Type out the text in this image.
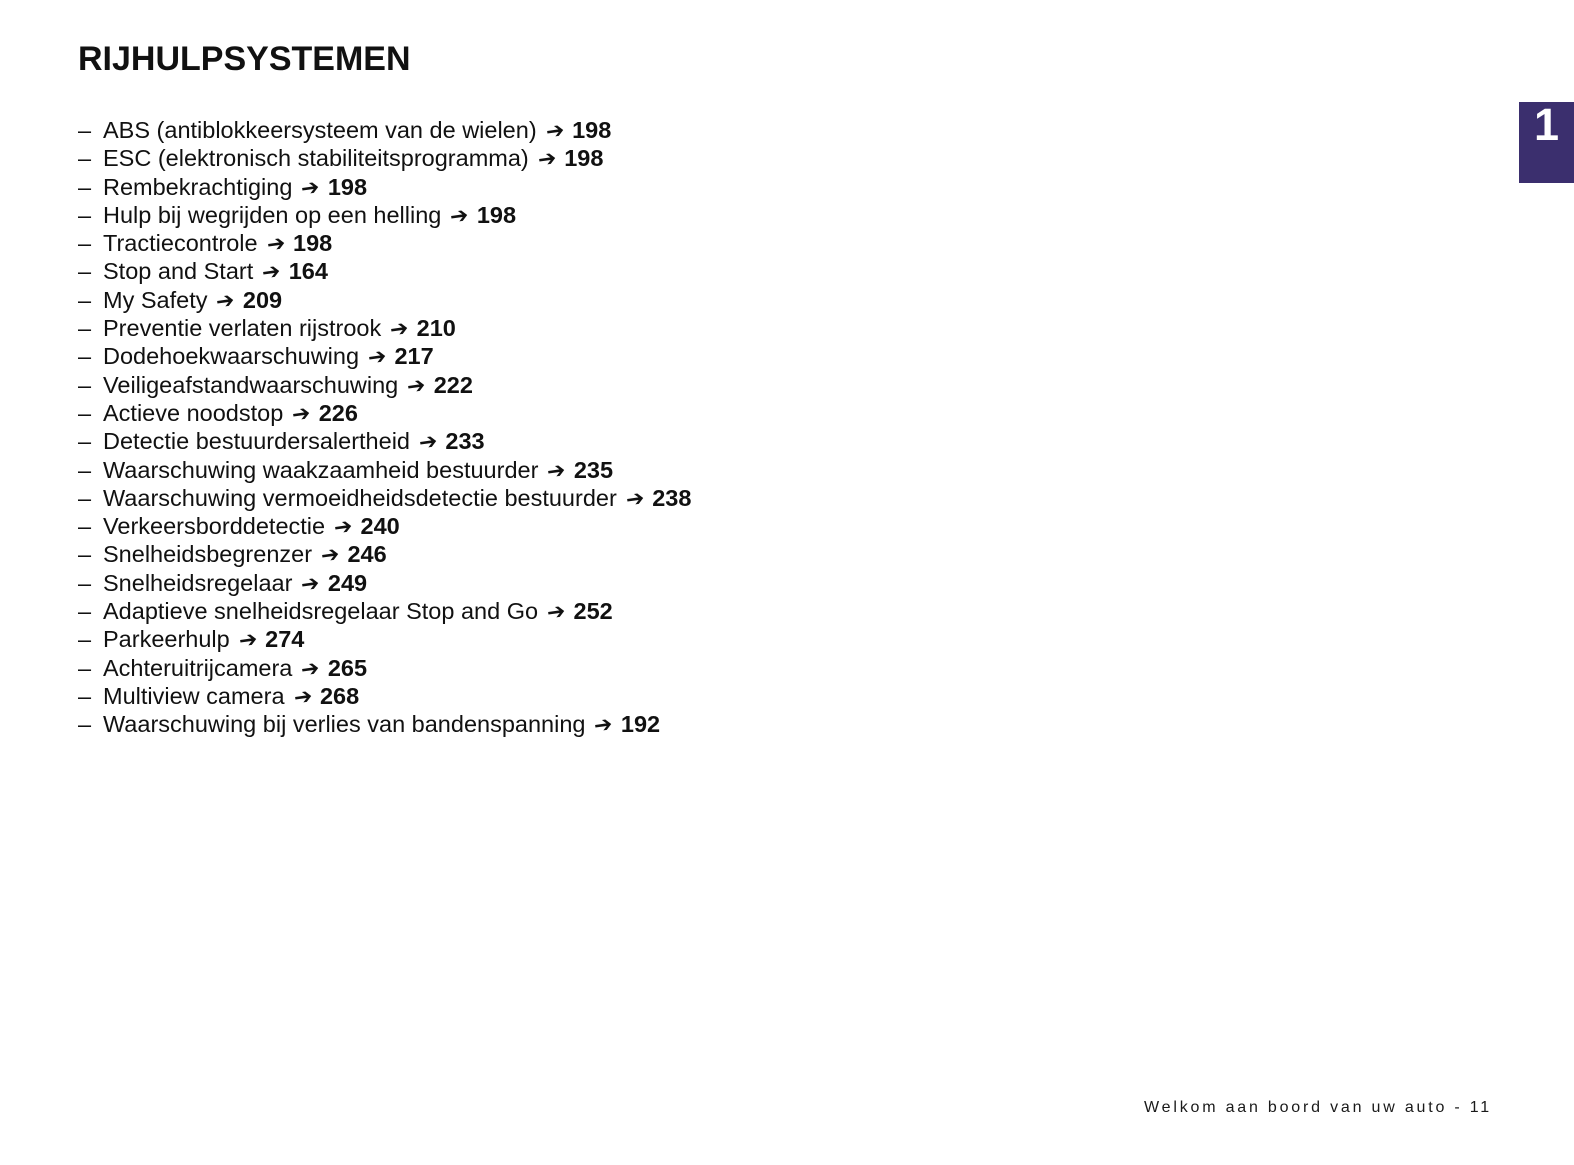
RIJHULPSYSTEMEN
– ABS (antiblokkeersysteem van de wielen) ➔ 198
– ESC (elektronisch stabiliteitsprogramma) ➔ 198
– Rembekrachtiging ➔ 198
– Hulp bij wegrijden op een helling ➔ 198
– Tractiecontrole ➔ 198
– Stop and Start ➔ 164
– My Safety ➔ 209
– Preventie verlaten rijstrook ➔ 210
– Dodehoekwaarschuwing ➔ 217
– Veiligeafstandwaarschuwing ➔ 222
– Actieve noodstop ➔ 226
– Detectie bestuurdersalertheid ➔ 233
– Waarschuwing waakzaamheid bestuurder ➔ 235
– Waarschuwing vermoeidheidsdetectie bestuurder ➔ 238
– Verkeersborddetectie ➔ 240
– Snelheidsbegrenzer ➔ 246
– Snelheidsregelaar ➔ 249
– Adaptieve snelheidsregelaar Stop and Go ➔ 252
– Parkeerhulp ➔ 274
– Achteruitrijcamera ➔ 265
– Multiview camera ➔ 268
– Waarschuwing bij verlies van bandenspanning ➔ 192
1
Welkom aan boord van uw auto - 11
